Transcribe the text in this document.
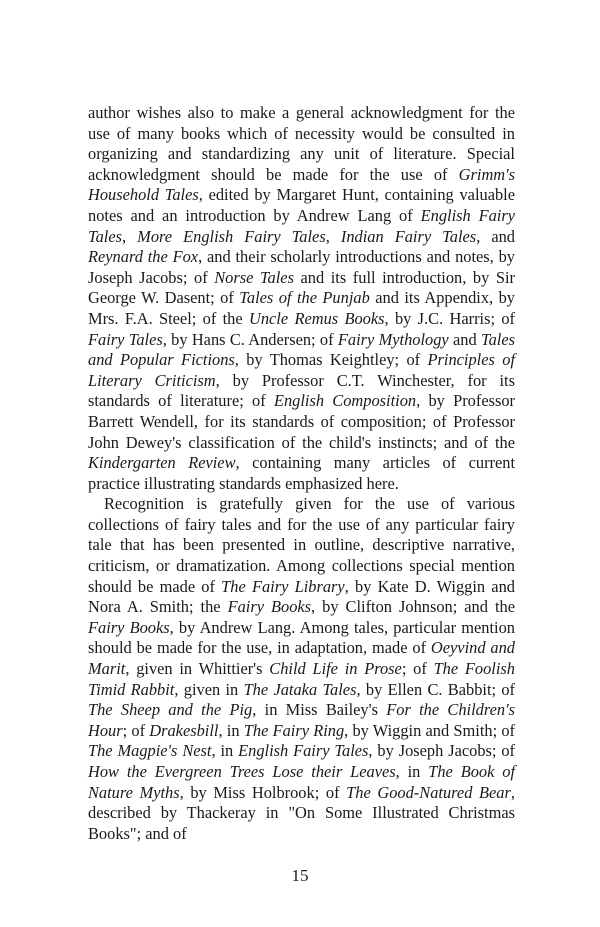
author wishes also to make a general acknowledgment for the use of many books which of necessity would be consulted in organizing and standardizing any unit of literature. Special acknowledgment should be made for the use of Grimm's Household Tales, edited by Margaret Hunt, containing valuable notes and an introduction by Andrew Lang of English Fairy Tales, More English Fairy Tales, Indian Fairy Tales, and Reynard the Fox, and their scholarly introductions and notes, by Joseph Jacobs; of Norse Tales and its full introduction, by Sir George W. Dasent; of Tales of the Punjab and its Appendix, by Mrs. F.A. Steel; of the Uncle Remus Books, by J.C. Harris; of Fairy Tales, by Hans C. Andersen; of Fairy Mythology and Tales and Popular Fictions, by Thomas Keightley; of Principles of Literary Criticism, by Professor C.T. Winchester, for its standards of literature; of English Composition, by Professor Barrett Wendell, for its standards of composition; of Professor John Dewey's classification of the child's instincts; and of the Kindergarten Review, containing many articles of current practice illustrating standards emphasized here.

Recognition is gratefully given for the use of various collections of fairy tales and for the use of any particular fairy tale that has been presented in outline, descriptive narrative, criticism, or dramatization. Among collections special mention should be made of The Fairy Library, by Kate D. Wiggin and Nora A. Smith; the Fairy Books, by Clifton Johnson; and the Fairy Books, by Andrew Lang. Among tales, particular mention should be made for the use, in adaptation, made of Oeyvind and Marit, given in Whittier's Child Life in Prose; of The Foolish Timid Rabbit, given in The Jataka Tales, by Ellen C. Babbit; of The Sheep and the Pig, in Miss Bailey's For the Children's Hour; of Drakesbill, in The Fairy Ring, by Wiggin and Smith; of The Magpie's Nest, in English Fairy Tales, by Joseph Jacobs; of How the Evergreen Trees Lose their Leaves, in The Book of Nature Myths, by Miss Holbrook; of The Good-Natured Bear, described by Thackeray in "On Some Illustrated Christmas Books"; and of

15
